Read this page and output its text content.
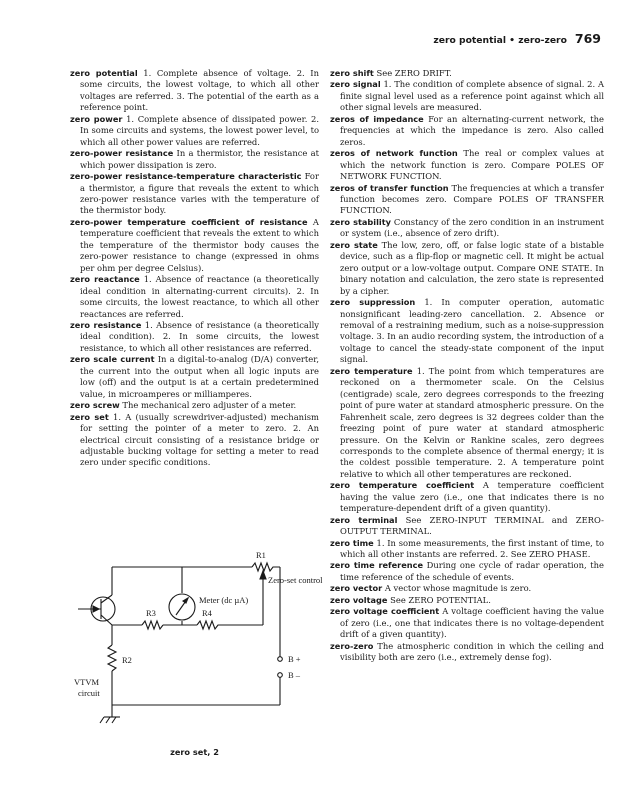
zero potential • zero-zero 769

zero potential 1. Complete absence of voltage. 2. In some circuits, the lowest voltage, to which all other voltages are referred. 3. The potential of the earth as a reference point.

zero power 1. Complete absence of dissipated power. 2. In some circuits and systems, the lowest power level, to which all other power values are referred.

zero-power resistance In a thermistor, the resistance at which power dissipation is zero.

zero-power resistance-temperature characteristic For a thermistor, a figure that reveals the extent to which zero-power resistance varies with the temperature of the thermistor body.

zero-power temperature coefficient of resistance A temperature coefficient that reveals the extent to which the temperature of the thermistor body causes the zero-power resistance to change (expressed in ohms per ohm per degree Celsius).

zero reactance 1. Absence of reactance (a theoretically ideal condition in alternating-current circuits). 2. In some circuits, the lowest reactance, to which all other reactances are referred.

zero resistance 1. Absence of resistance (a theoretically ideal condition). 2. In some circuits, the lowest resistance, to which all other resistances are referred.

zero scale current In a digital-to-analog (D/A) converter, the current into the output when all logic inputs are low (off) and the output is at a certain predetermined value, in microamperes or milliamperes.

zero screw The mechanical zero adjuster of a meter.

zero set 1. A (usually screwdriver-adjusted) mechanism for setting the pointer of a meter to zero. 2. An electrical circuit consisting of a resistance bridge or adjustable bucking voltage for setting a meter to read zero under specific conditions.

R1
Zero-set control
Meter (dc µA)
R3	R4
R2	B +
B –
VTVM
circuit
zero set, 2

zero shift See ZERO DRIFT.

zero signal 1. The condition of complete absence of signal. 2. A finite signal level used as a reference point against which all other signal levels are measured.

zeros of impedance For an alternating-current network, the frequencies at which the impedance is zero. Also called zeros.

zeros of network function The real or complex values at which the network function is zero. Compare POLES OF NETWORK FUNCTION.

zeros of transfer function The frequencies at which a transfer function becomes zero. Compare POLES OF TRANSFER FUNCTION.

zero stability Constancy of the zero condition in an instrument or system (i.e., absence of zero drift).

zero state The low, zero, off, or false logic state of a bistable device, such as a flip-flop or magnetic cell. It might be actual zero output or a low-voltage output. Compare ONE STATE. In binary notation and calculation, the zero state is represented by a cipher.

zero suppression 1. In computer operation, automatic nonsignificant leading-zero cancellation. 2. Absence or removal of a restraining medium, such as a noise-suppression voltage. 3. In an audio recording system, the introduction of a voltage to cancel the steady-state component of the input signal.

zero temperature 1. The point from which temperatures are reckoned on a thermometer scale. On the Celsius (centigrade) scale, zero degrees corresponds to the freezing point of pure water at standard atmospheric pressure. On the Fahrenheit scale, zero degrees is 32 degrees colder than the freezing point of pure water at standard atmospheric pressure. On the Kelvin or Rankine scales, zero degrees corresponds to the complete absence of thermal energy; it is the coldest possible temperature. 2. A temperature point relative to which all other temperatures are reckoned.

zero temperature coefficient A temperature coefficient having the value zero (i.e., one that indicates there is no temperature-dependent drift of a given quantity).

zero terminal See ZERO-INPUT TERMINAL and ZERO-OUTPUT TERMINAL.

zero time 1. In some measurements, the first instant of time, to which all other instants are referred. 2. See ZERO PHASE.

zero time reference During one cycle of radar operation, the time reference of the schedule of events.

zero vector A vector whose magnitude is zero.

zero voltage See ZERO POTENTIAL.

zero voltage coefficient A voltage coefficient having the value of zero (i.e., one that indicates there is no voltage-dependent drift of a given quantity).

zero-zero The atmospheric condition in which the ceiling and visibility both are zero (i.e., extremely dense fog).
